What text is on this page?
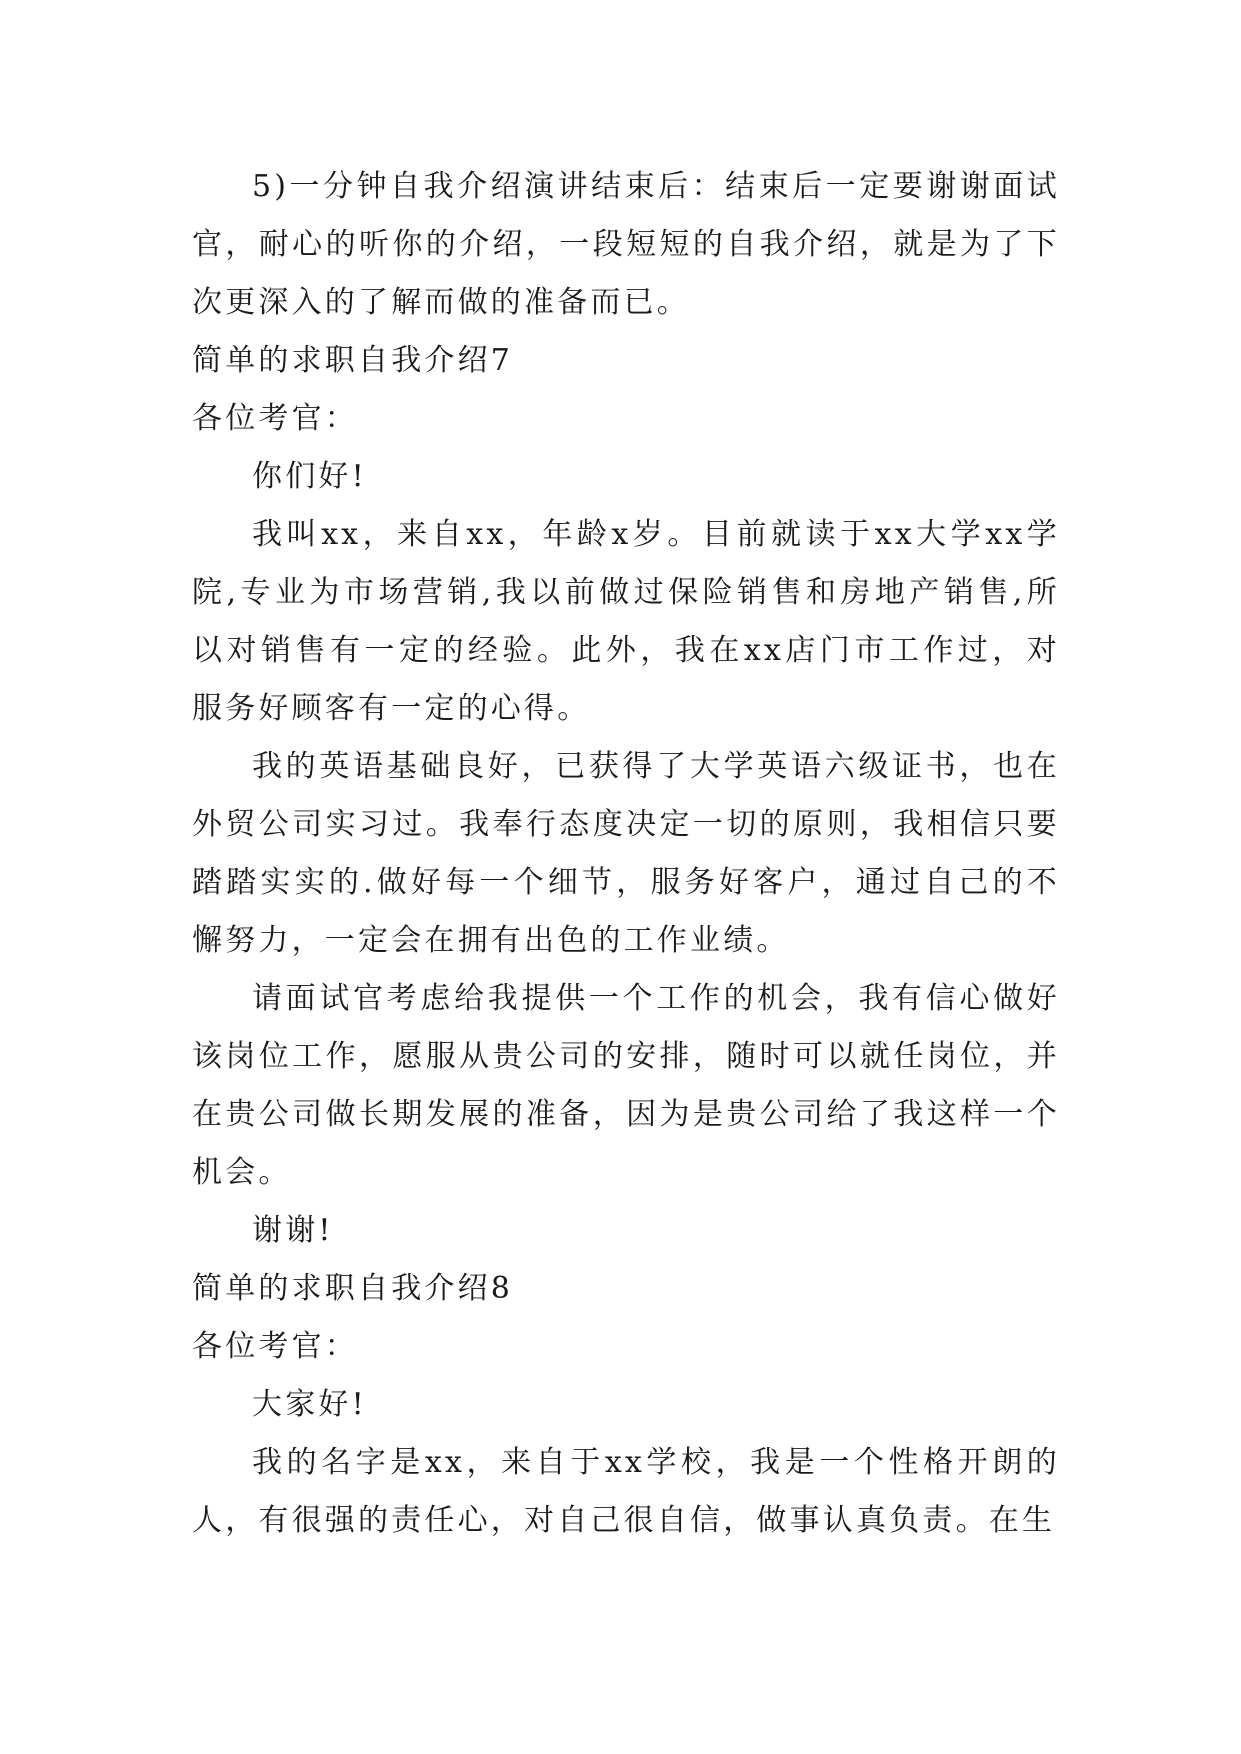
5)一分钟自我介绍演讲结束后：结束后一定要谢谢面试官，耐心的听你的介绍，一段短短的自我介绍，就是为了下次更深入的了解而做的准备而已。

简单的求职自我介绍7

各位考官：

你们好!

我叫xx，来自xx，年龄x岁。目前就读于xx大学xx学院,专业为市场营销,我以前做过保险销售和房地产销售,所以对销售有一定的经验。此外，我在xx店门市工作过，对服务好顾客有一定的心得。

我的英语基础良好，已获得了大学英语六级证书，也在外贸公司实习过。我奉行态度决定一切的原则，我相信只要踏踏实实的.做好每一个细节，服务好客户，通过自己的不懈努力，一定会在拥有出色的工作业绩。

请面试官考虑给我提供一个工作的机会，我有信心做好该岗位工作，愿服从贵公司的安排，随时可以就任岗位，并在贵公司做长期发展的准备，因为是贵公司给了我这样一个机会。

谢谢!

简单的求职自我介绍8

各位考官：

大家好!

我的名字是xx，来自于xx学校，我是一个性格开朗的人，有很强的责任心，对自己很自信，做事认真负责。在生
